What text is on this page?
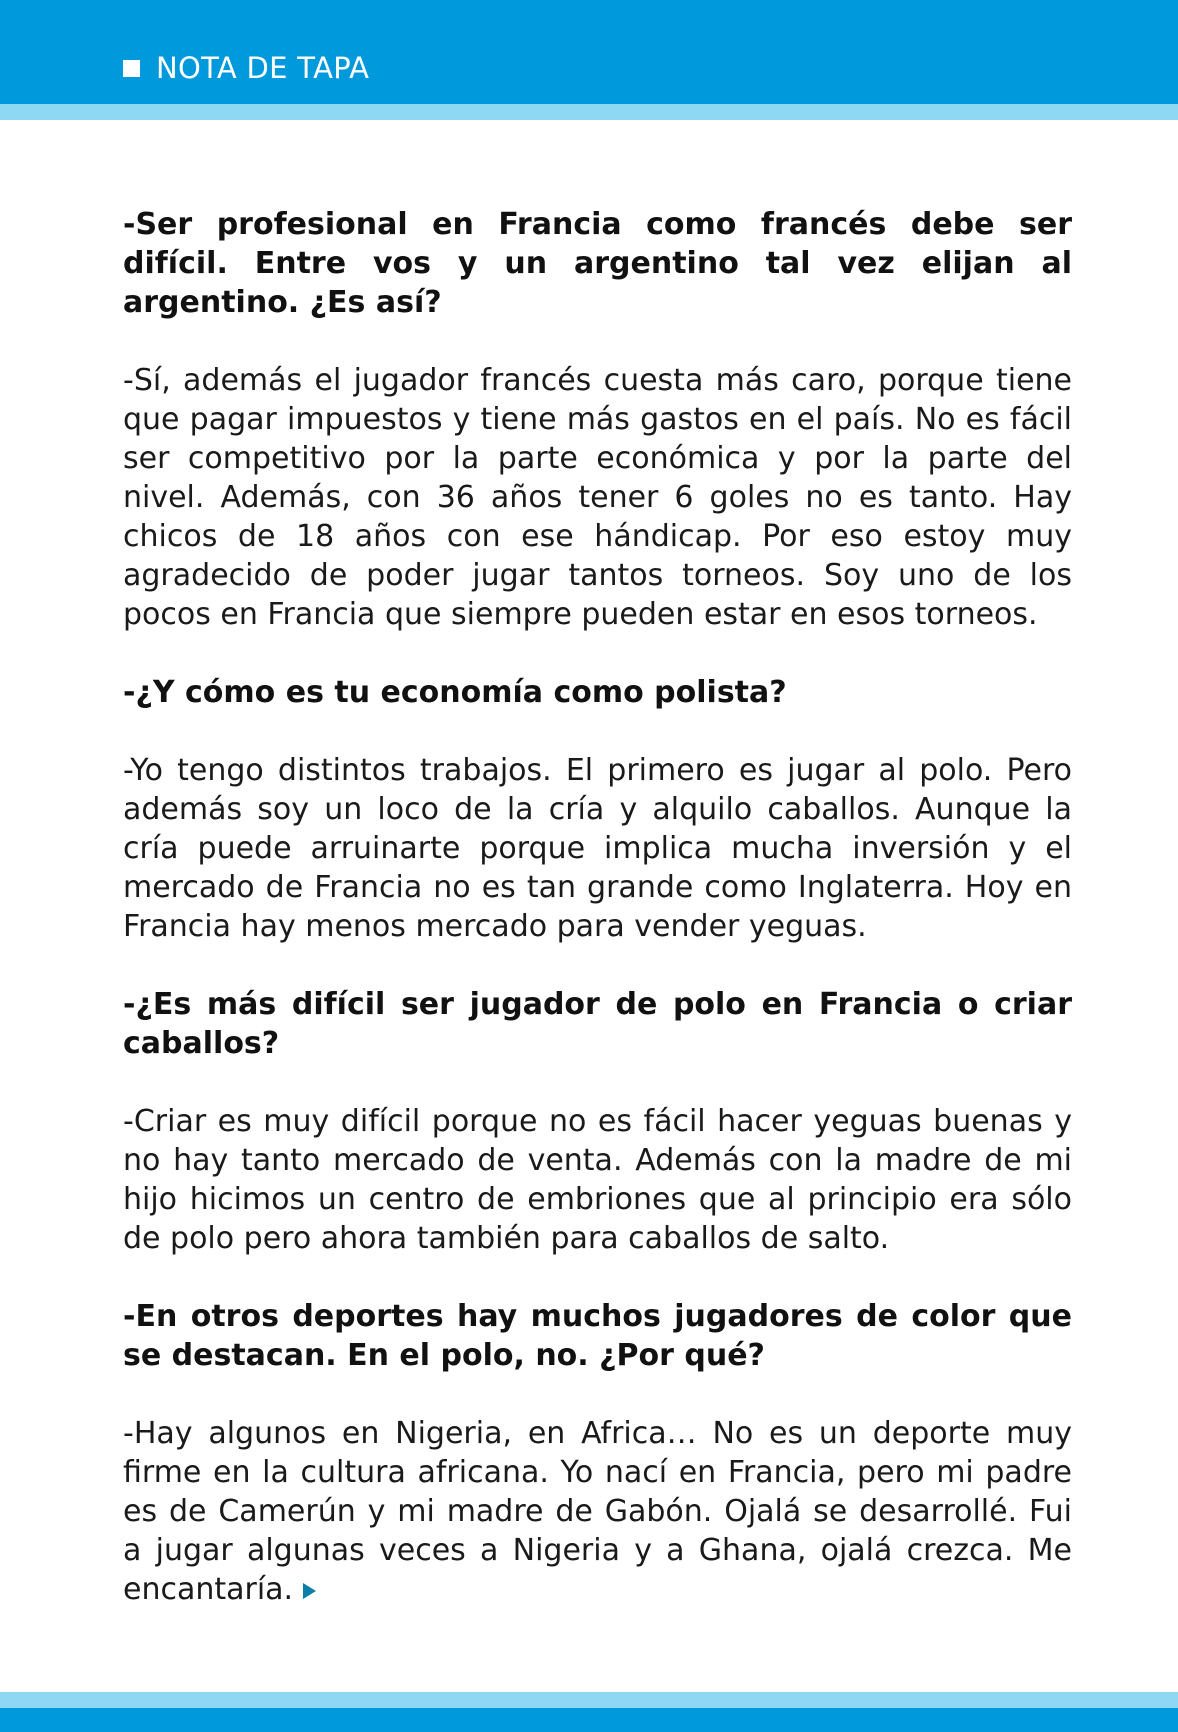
NOTA DE TAPA

-Ser profesional en Francia como francés debe ser difícil. Entre vos y un argentino tal vez elijan al argentino. ¿Es así?

-Sí, además el jugador francés cuesta más caro, porque tiene que pagar impuestos y tiene más gastos en el país. No es fácil ser competitivo por la parte económica y por la parte del nivel. Además, con 36 años tener 6 goles no es tanto. Hay chicos de 18 años con ese hándicap. Por eso estoy muy agradecido de poder jugar tantos torneos. Soy uno de los pocos en Francia que siempre pueden estar en esos torneos.

-¿Y cómo es tu economía como polista?

-Yo tengo distintos trabajos. El primero es jugar al polo. Pero además soy un loco de la cría y alquilo caballos. Aunque la cría puede arruinarte porque implica mucha inversión y el mercado de Francia no es tan grande como Inglaterra. Hoy en Francia hay menos mercado para vender yeguas.

-¿Es más difícil ser jugador de polo en Francia o criar caballos?

-Criar es muy difícil porque no es fácil hacer yeguas buenas y no hay tanto mercado de venta. Además con la madre de mi hijo hicimos un centro de embriones que al principio era sólo de polo pero ahora también para caballos de salto.

-En otros deportes hay muchos jugadores de color que se destacan. En el polo, no. ¿Por qué?

-Hay algunos en Nigeria, en Africa… No es un deporte muy firme en la cultura africana. Yo nací en Francia, pero mi padre es de Camerún y mi madre de Gabón. Ojalá se desarrollé. Fui a jugar algunas veces a Nigeria y a Ghana, ojalá crezca. Me encantaría.
